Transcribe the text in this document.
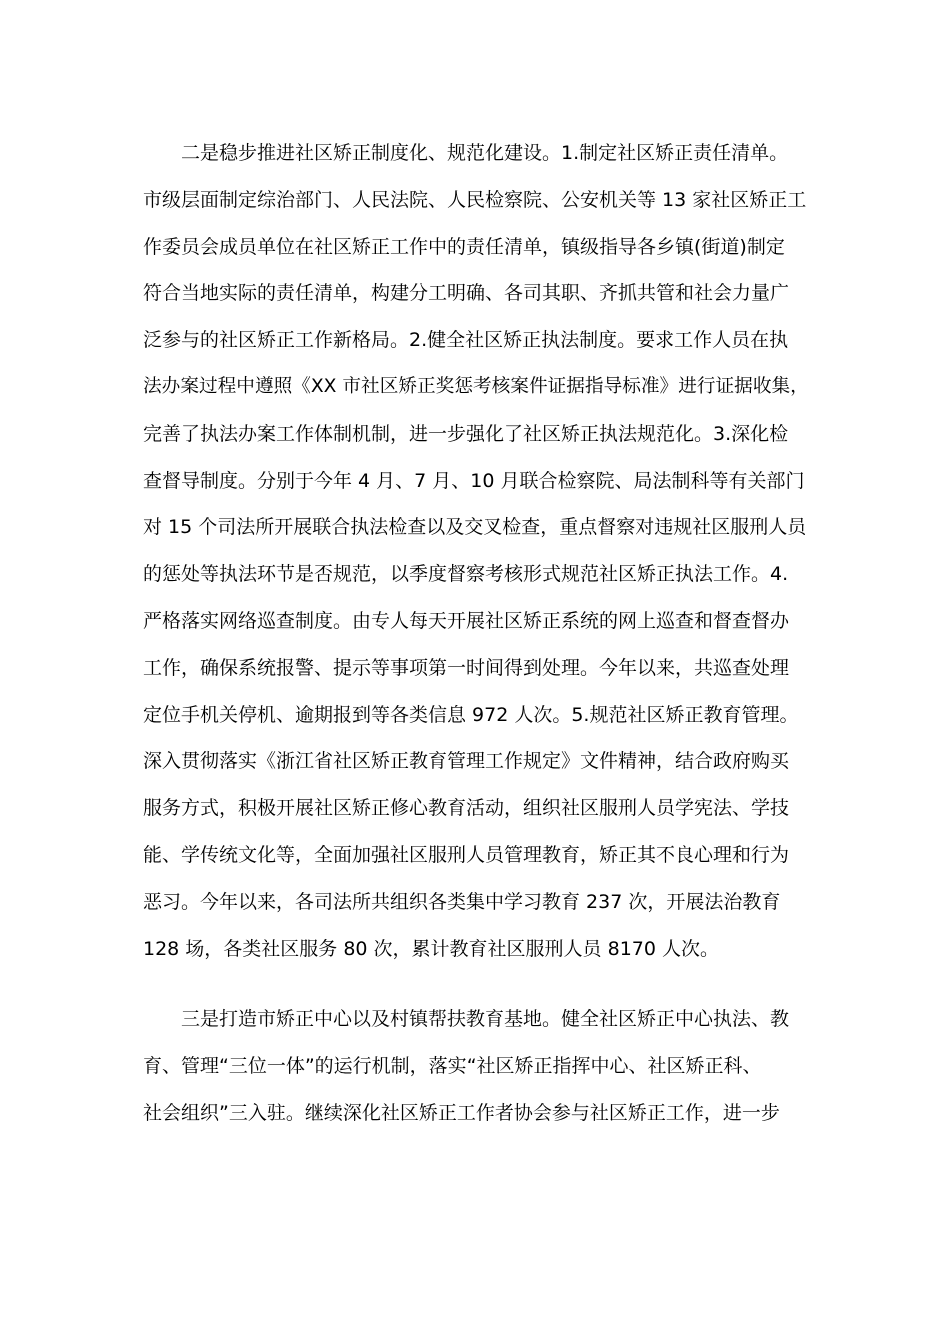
二是稳步推进社区矫正制度化、规范化建设。1.制定社区矫正责任清单。
市级层面制定综治部门、人民法院、人民检察院、公安机关等 13 家社区矫正工
作委员会成员单位在社区矫正工作中的责任清单，镇级指导各乡镇(街道)制定
符合当地实际的责任清单，构建分工明确、各司其职、齐抓共管和社会力量广
泛参与的社区矫正工作新格局。2.健全社区矫正执法制度。要求工作人员在执
法办案过程中遵照《XX 市社区矫正奖惩考核案件证据指导标准》进行证据收集，
完善了执法办案工作体制机制，进一步强化了社区矫正执法规范化。3.深化检
查督导制度。分别于今年 4 月、7 月、10 月联合检察院、局法制科等有关部门
对 15 个司法所开展联合执法检查以及交叉检查，重点督察对违规社区服刑人员
的惩处等执法环节是否规范，以季度督察考核形式规范社区矫正执法工作。4.
严格落实网络巡查制度。由专人每天开展社区矫正系统的网上巡查和督查督办
工作，确保系统报警、提示等事项第一时间得到处理。今年以来，共巡查处理
定位手机关停机、逾期报到等各类信息 972 人次。5.规范社区矫正教育管理。
深入贯彻落实《浙江省社区矫正教育管理工作规定》文件精神，结合政府购买
服务方式，积极开展社区矫正修心教育活动，组织社区服刑人员学宪法、学技
能、学传统文化等，全面加强社区服刑人员管理教育，矫正其不良心理和行为
恶习。今年以来，各司法所共组织各类集中学习教育 237 次，开展法治教育
128 场，各类社区服务 80 次，累计教育社区服刑人员 8170 人次。
三是打造市矫正中心以及村镇帮扶教育基地。健全社区矫正中心执法、教
育、管理“三位一体”的运行机制，落实“社区矫正指挥中心、社区矫正科、
社会组织”三入驻。继续深化社区矫正工作者协会参与社区矫正工作，进一步
